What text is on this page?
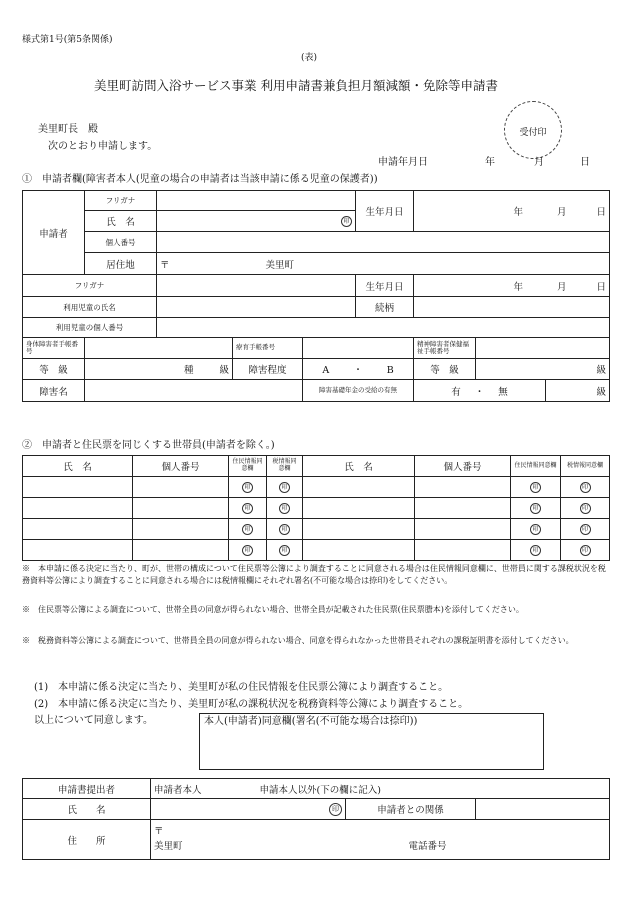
様式第1号(第5条関係)
(表)
美里町訪問入浴サービス事業 利用申請書兼負担月額減額・免除等申請書
美里町長　殿
次のとおり申請します。
受付印
申請年月日	年	月	日
①　申請者欄(障害者本人(児童の場合の申請者は当該申請に係る児童の保護者))
申請者	フリガナ				生年月日	年 月 日		
	氏　名	印						
	個人番号							
	居住地	〒 美里町						
フリガナ					生年月日	年 月 日		
利用児童の氏名					続柄			
利用児童の個人番号								
身体障害者手帳番号			療育手帳番号			精神障害者保健福祉手帳番号		
等　級	種 級		障害程度	A ・ B		等　級	級	
障害名				障害基礎年金の受給の有無		有 ・ 無		級
②　申請者と住民票を同じくする世帯員(申請者を除く。)
氏　名	個人番号	住民情報同意欄	税情報同意欄	氏　名	個人番号	住民情報同意欄	税情報同意欄
		印	印			印	印
		印	印			印	印
		印	印			印	印
		印	印			印	印
※　本申請に係る決定に当たり、町が、世帯の構成について住民票等公簿により調査することに同意される場合は住民情報同意欄に、世帯員に関する課税状況を税務資料等公簿により調査することに同意される場合には税情報欄にそれぞれ署名(不可能な場合は捺印)をしてください。
※　住民票等公簿による調査について、世帯全員の同意が得られない場合、世帯全員が記載された住民票(住民票謄本)を添付してください。
※　税務資料等公簿による調査について、世帯員全員の同意が得られない場合、同意を得られなかった世帯員それぞれの課税証明書を添付してください。
(1)　本申請に係る決定に当たり、美里町が私の住民情報を住民票公簿により調査すること。
(2)　本申請に係る決定に当たり、美里町が私の課税状況を税務資料等公簿により調査すること。
以上について同意します。	本人(申請者)同意欄(署名(不可能な場合は捺印))
申請書提出者	申請者本人 申請本人以外(下の欄に記入)		
氏　　名	印	申請者との関係	
住　　所	〒
美里町 電話番号		
